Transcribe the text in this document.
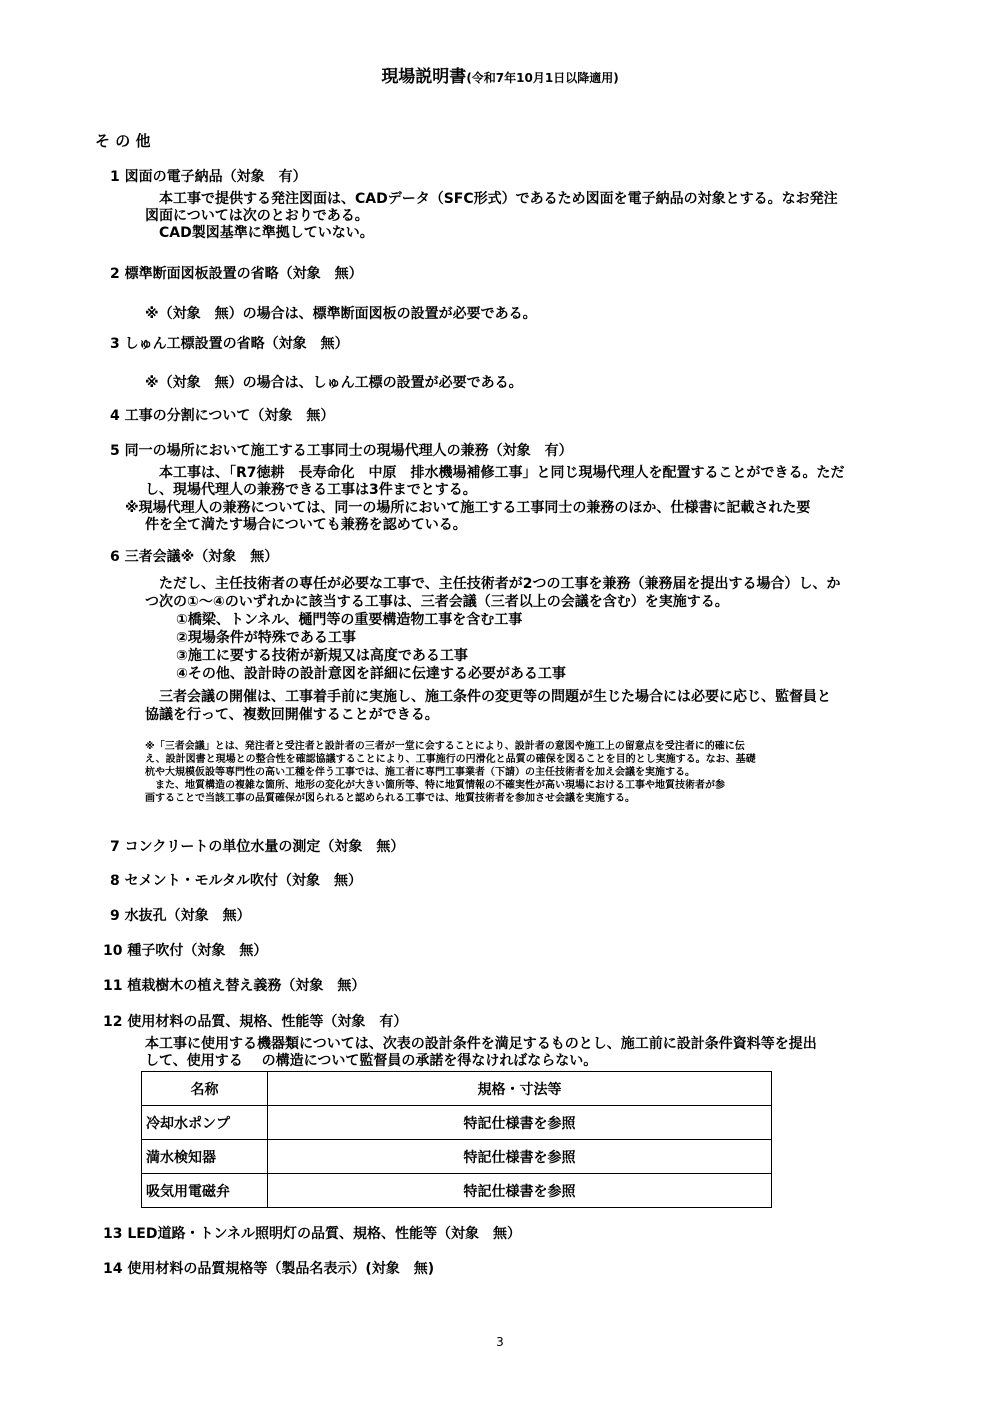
現場説明書(令和7年10月1日以降適用)
そ の 他
1 図面の電子納品（対象　有）
　本工事で提供する発注図面は、CADデータ（SFC形式）であるため図面を電子納品の対象とする。なお発注
図面については次のとおりである。
　CAD製図基準に準拠していない。
2 標準断面図板設置の省略（対象　無）
※（対象　無）の場合は、標準断面図板の設置が必要である。
3 しゅん工標設置の省略（対象　無）
※（対象　無）の場合は、しゅん工標の設置が必要である。
4 工事の分割について（対象　無）
5 同一の場所において施工する工事同士の現場代理人の兼務（対象　有）
　本工事は、「R7徳耕　長寿命化　中原　排水機場補修工事」と同じ現場代理人を配置することができる。ただ
し、現場代理人の兼務できる工事は3件までとする。
※現場代理人の兼務については、同一の場所において施工する工事同士の兼務のほか、仕様書に記載された要
件を全て満たす場合についても兼務を認めている。
6 三者会議※（対象　無）
　ただし、主任技術者の専任が必要な工事で、主任技術者が2つの工事を兼務（兼務届を提出する場合）し、か
つ次の①～④のいずれかに該当する工事は、三者会議（三者以上の会議を含む）を実施する。
①橋梁、トンネル、樋門等の重要構造物工事を含む工事
②現場条件が特殊である工事
③施工に要する技術が新規又は高度である工事
④その他、設計時の設計意図を詳細に伝達する必要がある工事
　三者会議の開催は、工事着手前に実施し、施工条件の変更等の問題が生じた場合には必要に応じ、監督員と
協議を行って、複数回開催することができる。
※「三者会議」とは、発注者と受注者と設計者の三者が一堂に会することにより、設計者の意図や施工上の留意点を受注者に的確に伝
え、設計図書と現場との整合性を確認協議することにより、工事施行の円滑化と品質の確保を図ることを目的とし実施する。なお、基礎
杭や大規模仮設等専門性の高い工種を伴う工事では、施工者に専門工事業者（下請）の主任技術者を加え会議を実施する。
　また、地質構造の複雑な箇所、地形の変化が大きい箇所等、特に地質情報の不確実性が高い現場における工事や地質技術者が参
画することで当該工事の品質確保が図られると認められる工事では、地質技術者を参加させ会議を実施する。
7 コンクリートの単位水量の測定（対象　無）
8 セメント・モルタル吹付（対象　無）
9 水抜孔（対象　無）
10 種子吹付（対象　無）
11 植栽樹木の植え替え義務（対象　無）
12 使用材料の品質、規格、性能等（対象　有）
本工事に使用する機器類については、次表の設計条件を満足するものとし、施工前に設計条件資料等を提出
して、使用する　 の構造について監督員の承諾を得なければならない。
名称	規格・寸法等
冷却水ポンプ	特記仕様書を参照
満水検知器	特記仕様書を参照
吸気用電磁弁	特記仕様書を参照
13 LED道路・トンネル照明灯の品質、規格、性能等（対象　無）
14 使用材料の品質規格等（製品名表示）(対象　無)
3
